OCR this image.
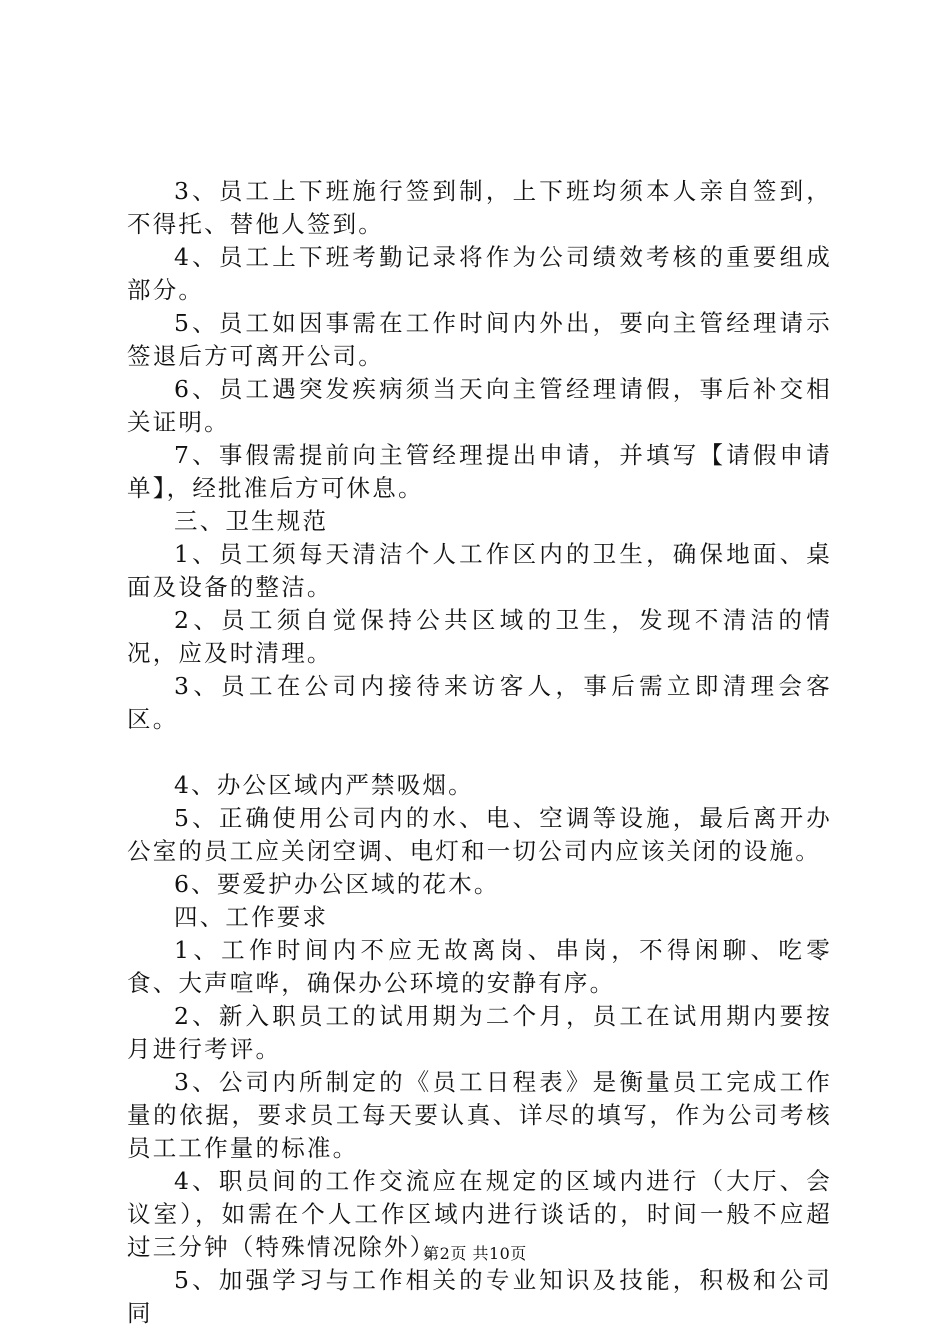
3、员工上下班施行签到制，上下班均须本人亲自签到，不得托、替他人签到。

4、员工上下班考勤记录将作为公司绩效考核的重要组成部分。

5、员工如因事需在工作时间内外出，要向主管经理请示签退后方可离开公司。

6、员工遇突发疾病须当天向主管经理请假，事后补交相关证明。

7、事假需提前向主管经理提出申请，并填写【请假申请单】，经批准后方可休息。

三、卫生规范

1、员工须每天清洁个人工作区内的卫生，确保地面、桌面及设备的整洁。

2、员工须自觉保持公共区域的卫生，发现不清洁的情况，应及时清理。

3、员工在公司内接待来访客人，事后需立即清理会客区。

4、办公区域内严禁吸烟。

5、正确使用公司内的水、电、空调等设施，最后离开办公室的员工应关闭空调、电灯和一切公司内应该关闭的设施。

6、要爱护办公区域的花木。

四、工作要求

1、工作时间内不应无故离岗、串岗，不得闲聊、吃零食、大声喧哗，确保办公环境的安静有序。

2、新入职员工的试用期为二个月，员工在试用期内要按月进行考评。

3、公司内所制定的《员工日程表》是衡量员工完成工作量的依据，要求员工每天要认真、详尽的填写，作为公司考核员工工作量的标准。

4、职员间的工作交流应在规定的区域内进行（大厅、会议室），如需在个人工作区域内进行谈话的，时间一般不应超过三分钟（特殊情况除外）。

5、加强学习与工作相关的专业知识及技能，积极和公司同

第2页 共10页
